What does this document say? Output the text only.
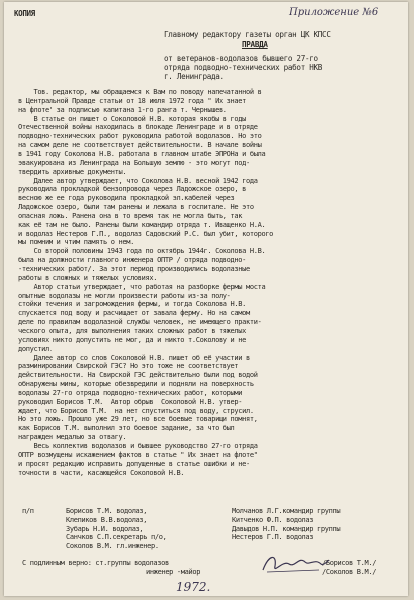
КОПИЯ	Приложение №6
Главному редактору газеты орган ЦК КПСС
ПРАВДА
от ветеранов-водолазов бывшего 27-го
отряда подводно-технических работ НКВ
г. Ленинграда.
Тов. редактор, мы обращаемся к Вам по поводу напечатанной в
в Центральной Правде статьи от 18 июля 1972 года " Их знает
на флоте" за подписью капитана 1-го ранга т. Чернышев.
В статье он пишет о Соколовой Н.В. которая якобы в годы
Отечественной войны находилась в блокаде Ленинграде и в отряде
подводно-технических работ руководила работой водолазов. Но это
на самом деле не соответствует действительности. В начале войны
в 1941 году Соколова Н.В. работала в главном штабе ЭПРОНа и была
эвакуирована из Ленинграда на Большую землю - это могут под-
твердить архивные документы.
Далее автор утверждает, что Соколова Н.В. весной 1942 года
руководила прокладкой бензопровода через Ладожское озеро, в
весною же ее года руководила прокладкой эл.кабелей через
Ладожское озеро, были там ранены и лежала в госпитале. Не это
опасная ложь. Ранена она в то время так не могла быть, так
как её там не было. Ранены были командир отряда т. Иващенко Н.А.
и водолаз Нестеров Г.П., водолаз Садовский Р.С. был убит, которого
мы помним и чтим память о нем.
Со второй половины 1943 года по октябрь 1944г. Соколова Н.В.
была на должности главного инженера ОПТР / отряда подводно-
-технических работ/. За этот период производились водолазные
работы в сложных и тяжелых условиях.
Автор статьи утверждает, что работая на разборке фермы моста
опытные водолазы не могли произвести работы из-за полу-
стойки течения и загромождения фермы, и тогда Соколова Н.В.
спускается под воду и расчищает от завала ферму. Но на самом
деле по правилам водолазной службы человек, не имеющего практи-
ческого опыта, для выполнения таких сложных работ в тяжелых
условиях никто допустить не мог, да и никто т.Соколову и не
допустил.
Далее автор со слов Соколовой Н.В. пишет об её участии в
разминировании Свирской ГЭС? Но это тоже не соответствует
действительности. На Свирской ГЭС действительно были под водой
обнаружены мины, которые обезвредили и подняли на поверхность
водолазы 27-го отряда подводно-технических работ, которыми
руководил Борисов Т.М.  Автор обрыв  Соколовой Н.В. утвер-
ждает, что Борисов Т.М.  на нет спуститься под воду, струсил.
Но это ложь. Прошло уже 29 лет, но все боевые товарищи помнят,
как Борисов Т.М. выполнил это боевое задание, за что был
награжден медалью за отвагу.
Весь коллектив водолазов и бывшее руководство 27-го отряда
ОПТР возмущены искажением фактов в статье " Их знает на флоте"
и просят редакцию исправить допущенные в статье ошибки и не-
точности в части, касающейся Соколовой Н.В.
п/п	Борисов Т.М. водолаз,	Молчанов Л.Г.командир группы
Клепиков В.В.водолаз,	Китченко Ф.П. водолаз
Зубарь Н.И. водолаз,	Давыдов Н.П. командир группы
Санчков С.П.секретарь п/о,	Нестеров Г.П. водолаз
Соколов В.М. гл.инженер.
С подлинным верно: ст.группы водолазов
инженер -майор
/Борисов Т.М./
/Соколов В.М./
1972.
